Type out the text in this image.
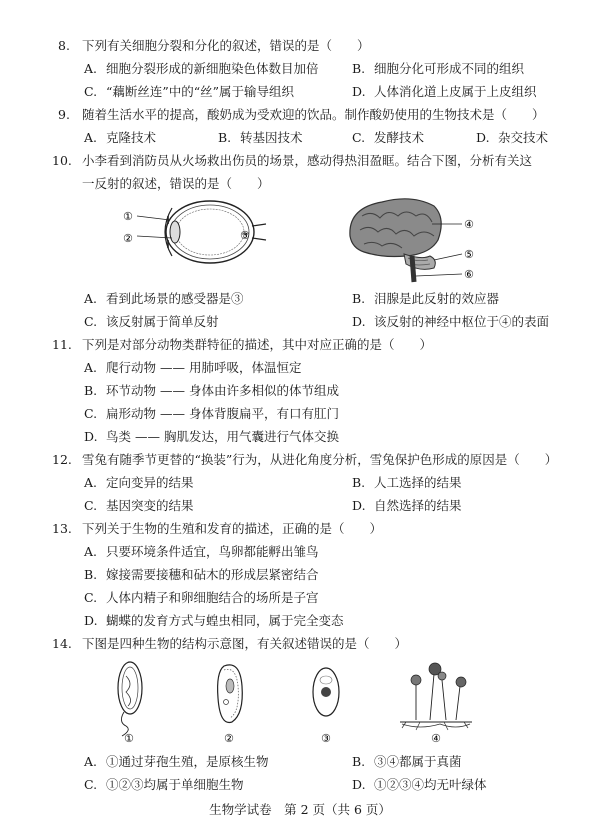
8. 下列有关细胞分裂和分化的叙述，错误的是（　　）
A. 细胞分裂形成的新细胞染色体数目加倍	B. 细胞分化可形成不同的组织
C. “藕断丝连”中的“丝”属于输导组织	D. 人体消化道上皮属于上皮组织
9. 随着生活水平的提高，酸奶成为受欢迎的饮品。制作酸奶使用的生物技术是（　　）
A. 克隆技术	B. 转基因技术	C. 发酵技术	D. 杂交技术
10. 小李看到消防员从火场救出伤员的场景，感动得热泪盈眶。结合下图，分析有关这
一反射的叙述，错误的是（　　）
①
②	③
④
⑤
⑥
A. 看到此场景的感受器是③	B. 泪腺是此反射的效应器
C. 该反射属于简单反射	D. 该反射的神经中枢位于④的表面
11. 下列是对部分动物类群特征的描述，其中对应正确的是（　　）
A. 爬行动物 —— 用肺呼吸，体温恒定
B. 环节动物 —— 身体由许多相似的体节组成
C. 扁形动物 —— 身体背腹扁平，有口有肛门
D. 鸟类 —— 胸肌发达，用气囊进行气体交换
12. 雪兔有随季节更替的“换装”行为，从进化角度分析，雪兔保护色形成的原因是（　　）
A. 定向变异的结果	B. 人工选择的结果
C. 基因突变的结果	D. 自然选择的结果
13. 下列关于生物的生殖和发育的描述，正确的是（　　）
A. 只要环境条件适宜，鸟卵都能孵出雏鸟
B. 嫁接需要接穗和砧木的形成层紧密结合
C. 人体内精子和卵细胞结合的场所是子宫
D. 蝴蝶的发育方式与蝗虫相同，属于完全变态
14. 下图是四种生物的结构示意图，有关叙述错误的是（　　）
①	②	③	④
A. ①通过芽孢生殖，是原核生物	B. ③④都属于真菌
C. ①②③均属于单细胞生物	D. ①②③④均无叶绿体
生物学试卷　第 2 页（共 6 页）
